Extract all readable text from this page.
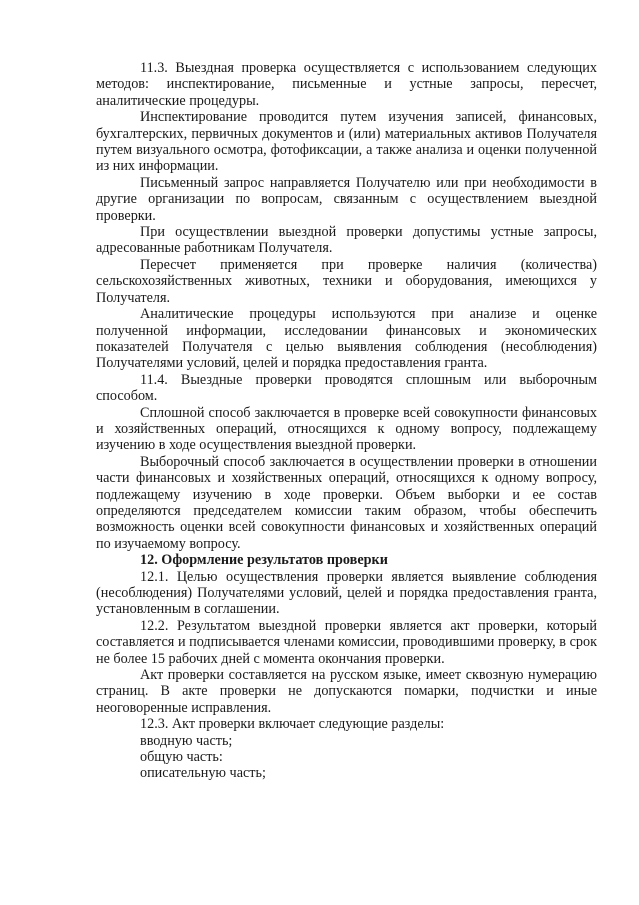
11.3. Выездная проверка осуществляется с использованием следующих методов: инспектирование, письменные и устные запросы, пересчет, аналитические процедуры.

Инспектирование проводится путем изучения записей, финансовых, бухгалтерских, первичных документов и (или) материальных активов Получателя путем визуального осмотра, фотофиксации, а также анализа и оценки полученной из них информации.

Письменный запрос направляется Получателю или при необходимости в другие организации по вопросам, связанным с осуществлением выездной проверки.

При осуществлении выездной проверки допустимы устные запросы, адресованные работникам Получателя.

Пересчет применяется при проверке наличия (количества) сельскохозяйственных животных, техники и оборудования, имеющихся у Получателя.

Аналитические процедуры используются при анализе и оценке полученной информации, исследовании финансовых и экономических показателей Получателя с целью выявления соблюдения (несоблюдения) Получателями условий, целей и порядка предоставления гранта.

11.4. Выездные проверки проводятся сплошным или выборочным способом.

Сплошной способ заключается в проверке всей совокупности финансовых и хозяйственных операций, относящихся к одному вопросу, подлежащему изучению в ходе осуществления выездной проверки.

Выборочный способ заключается в осуществлении проверки в отношении части финансовых и хозяйственных операций, относящихся к одному вопросу, подлежащему изучению в ходе проверки. Объем выборки и ее состав определяются председателем комиссии таким образом, чтобы обеспечить возможность оценки всей совокупности финансовых и хозяйственных операций по изучаемому вопросу.

12. Оформление результатов проверки

12.1. Целью осуществления проверки является выявление соблюдения (несоблюдения) Получателями условий, целей и порядка предоставления гранта, установленным в соглашении.

12.2. Результатом выездной проверки является акт проверки, который составляется и подписывается членами комиссии, проводившими проверку, в срок не более 15 рабочих дней с момента окончания проверки.

Акт проверки составляется на русском языке, имеет сквозную нумерацию страниц. В акте проверки не допускаются помарки, подчистки и иные неоговоренные исправления.

12.3. Акт проверки включает следующие разделы:

вводную часть;

общую часть:

описательную часть;
